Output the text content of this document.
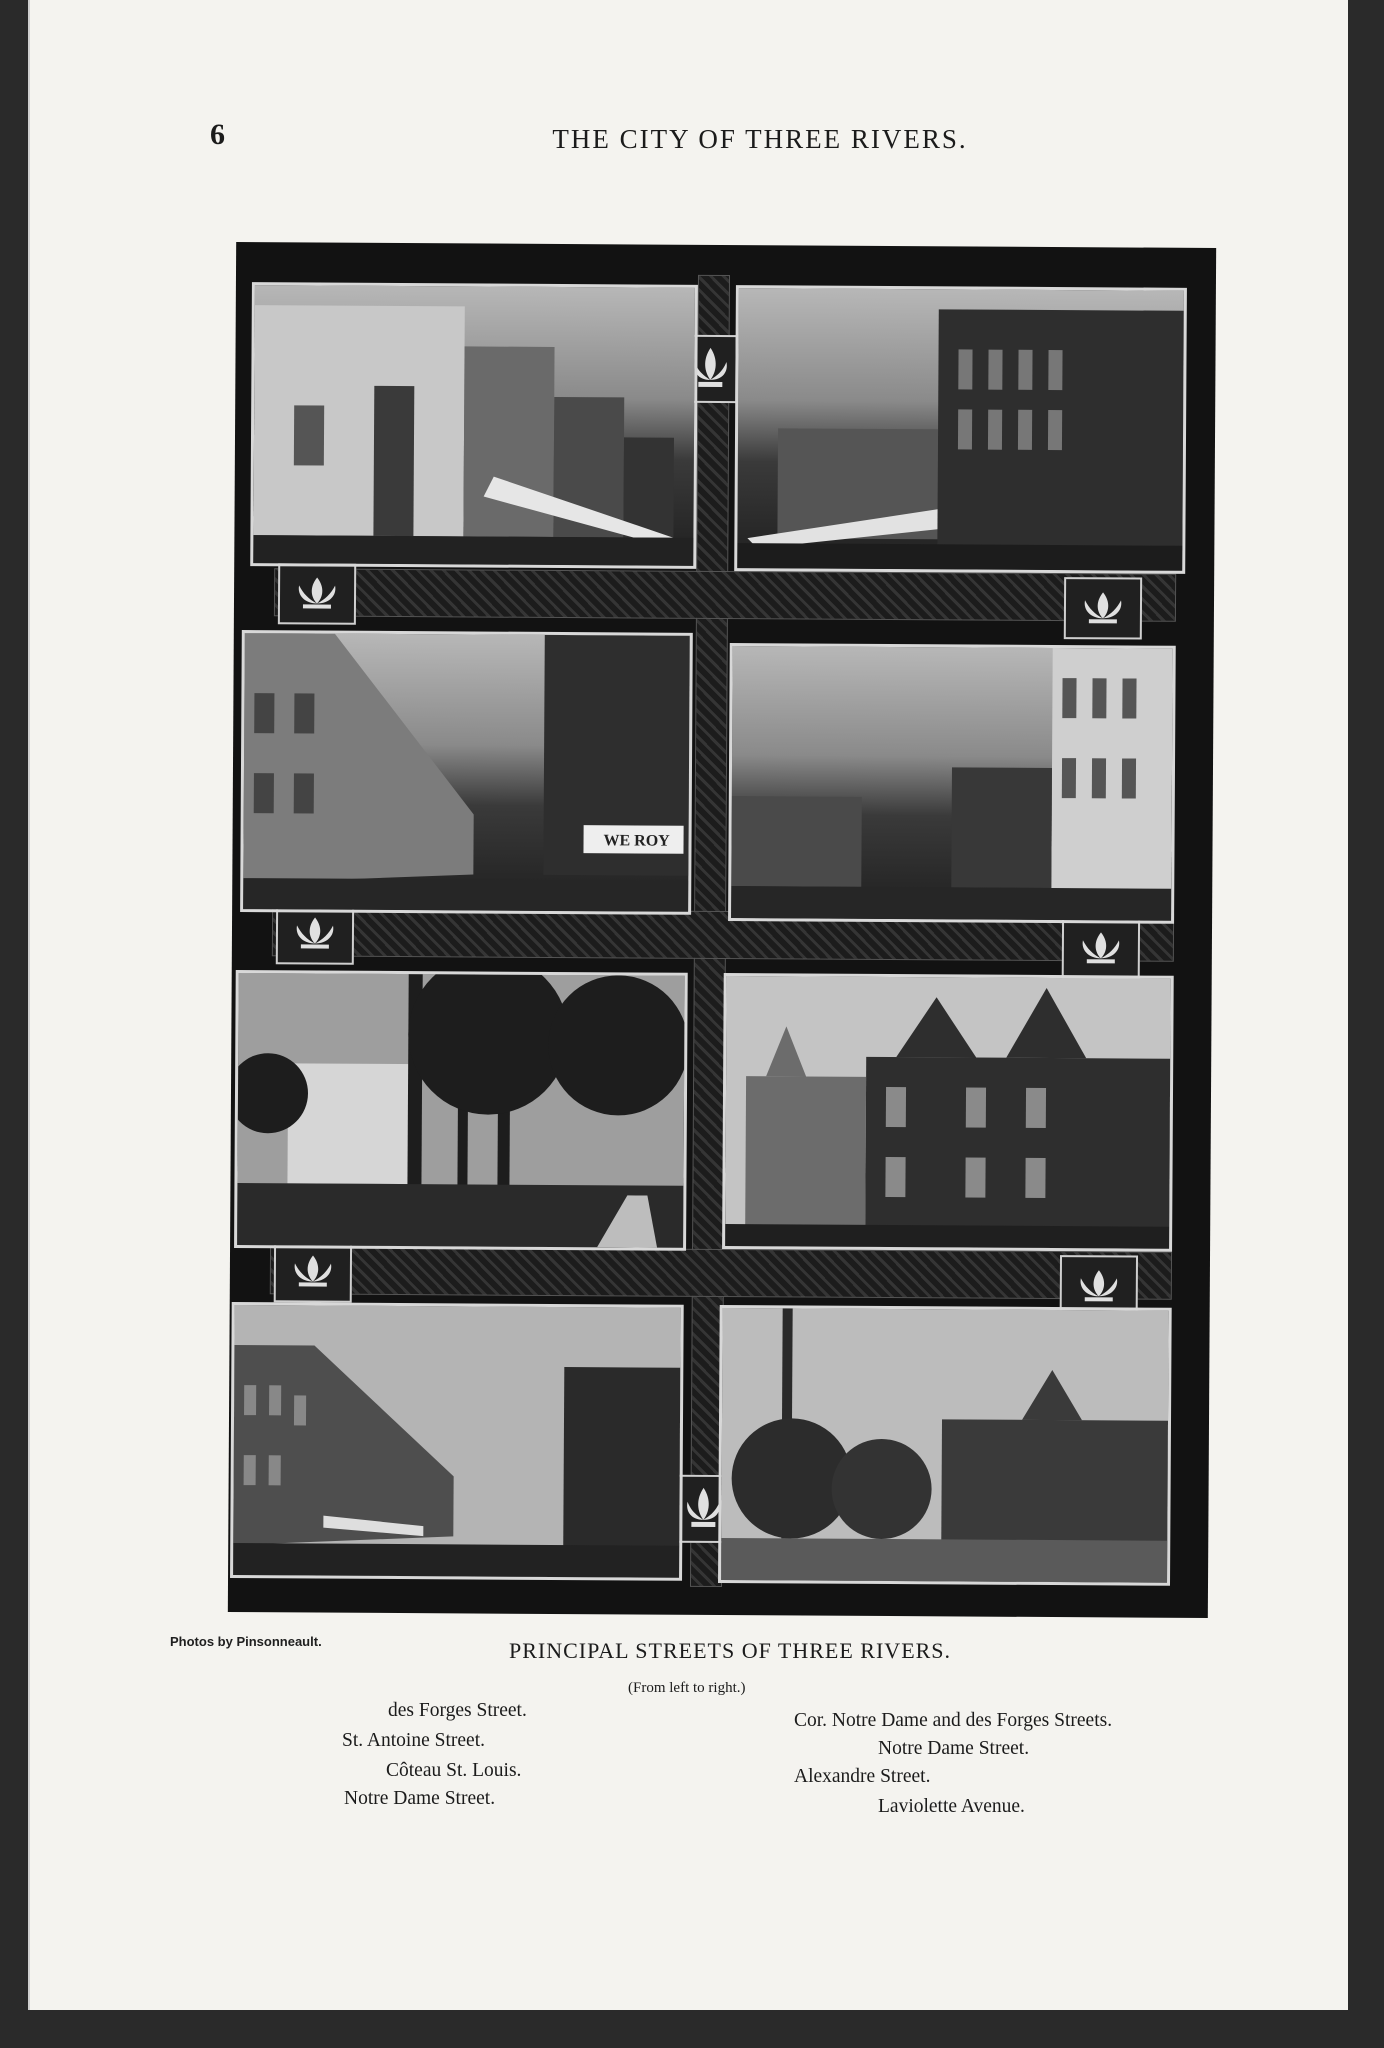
6	THE CITY OF THREE RIVERS.
WE ROY
Photos by Pinsonneault.	PRINCIPAL STREETS OF THREE RIVERS.
(From left to right.)
des Forges Street.
St. Antoine Street.
Côteau St. Louis.
Notre Dame Street.
Cor. Notre Dame and des Forges Streets.
Notre Dame Street.
Alexandre Street.
Laviolette Avenue.
